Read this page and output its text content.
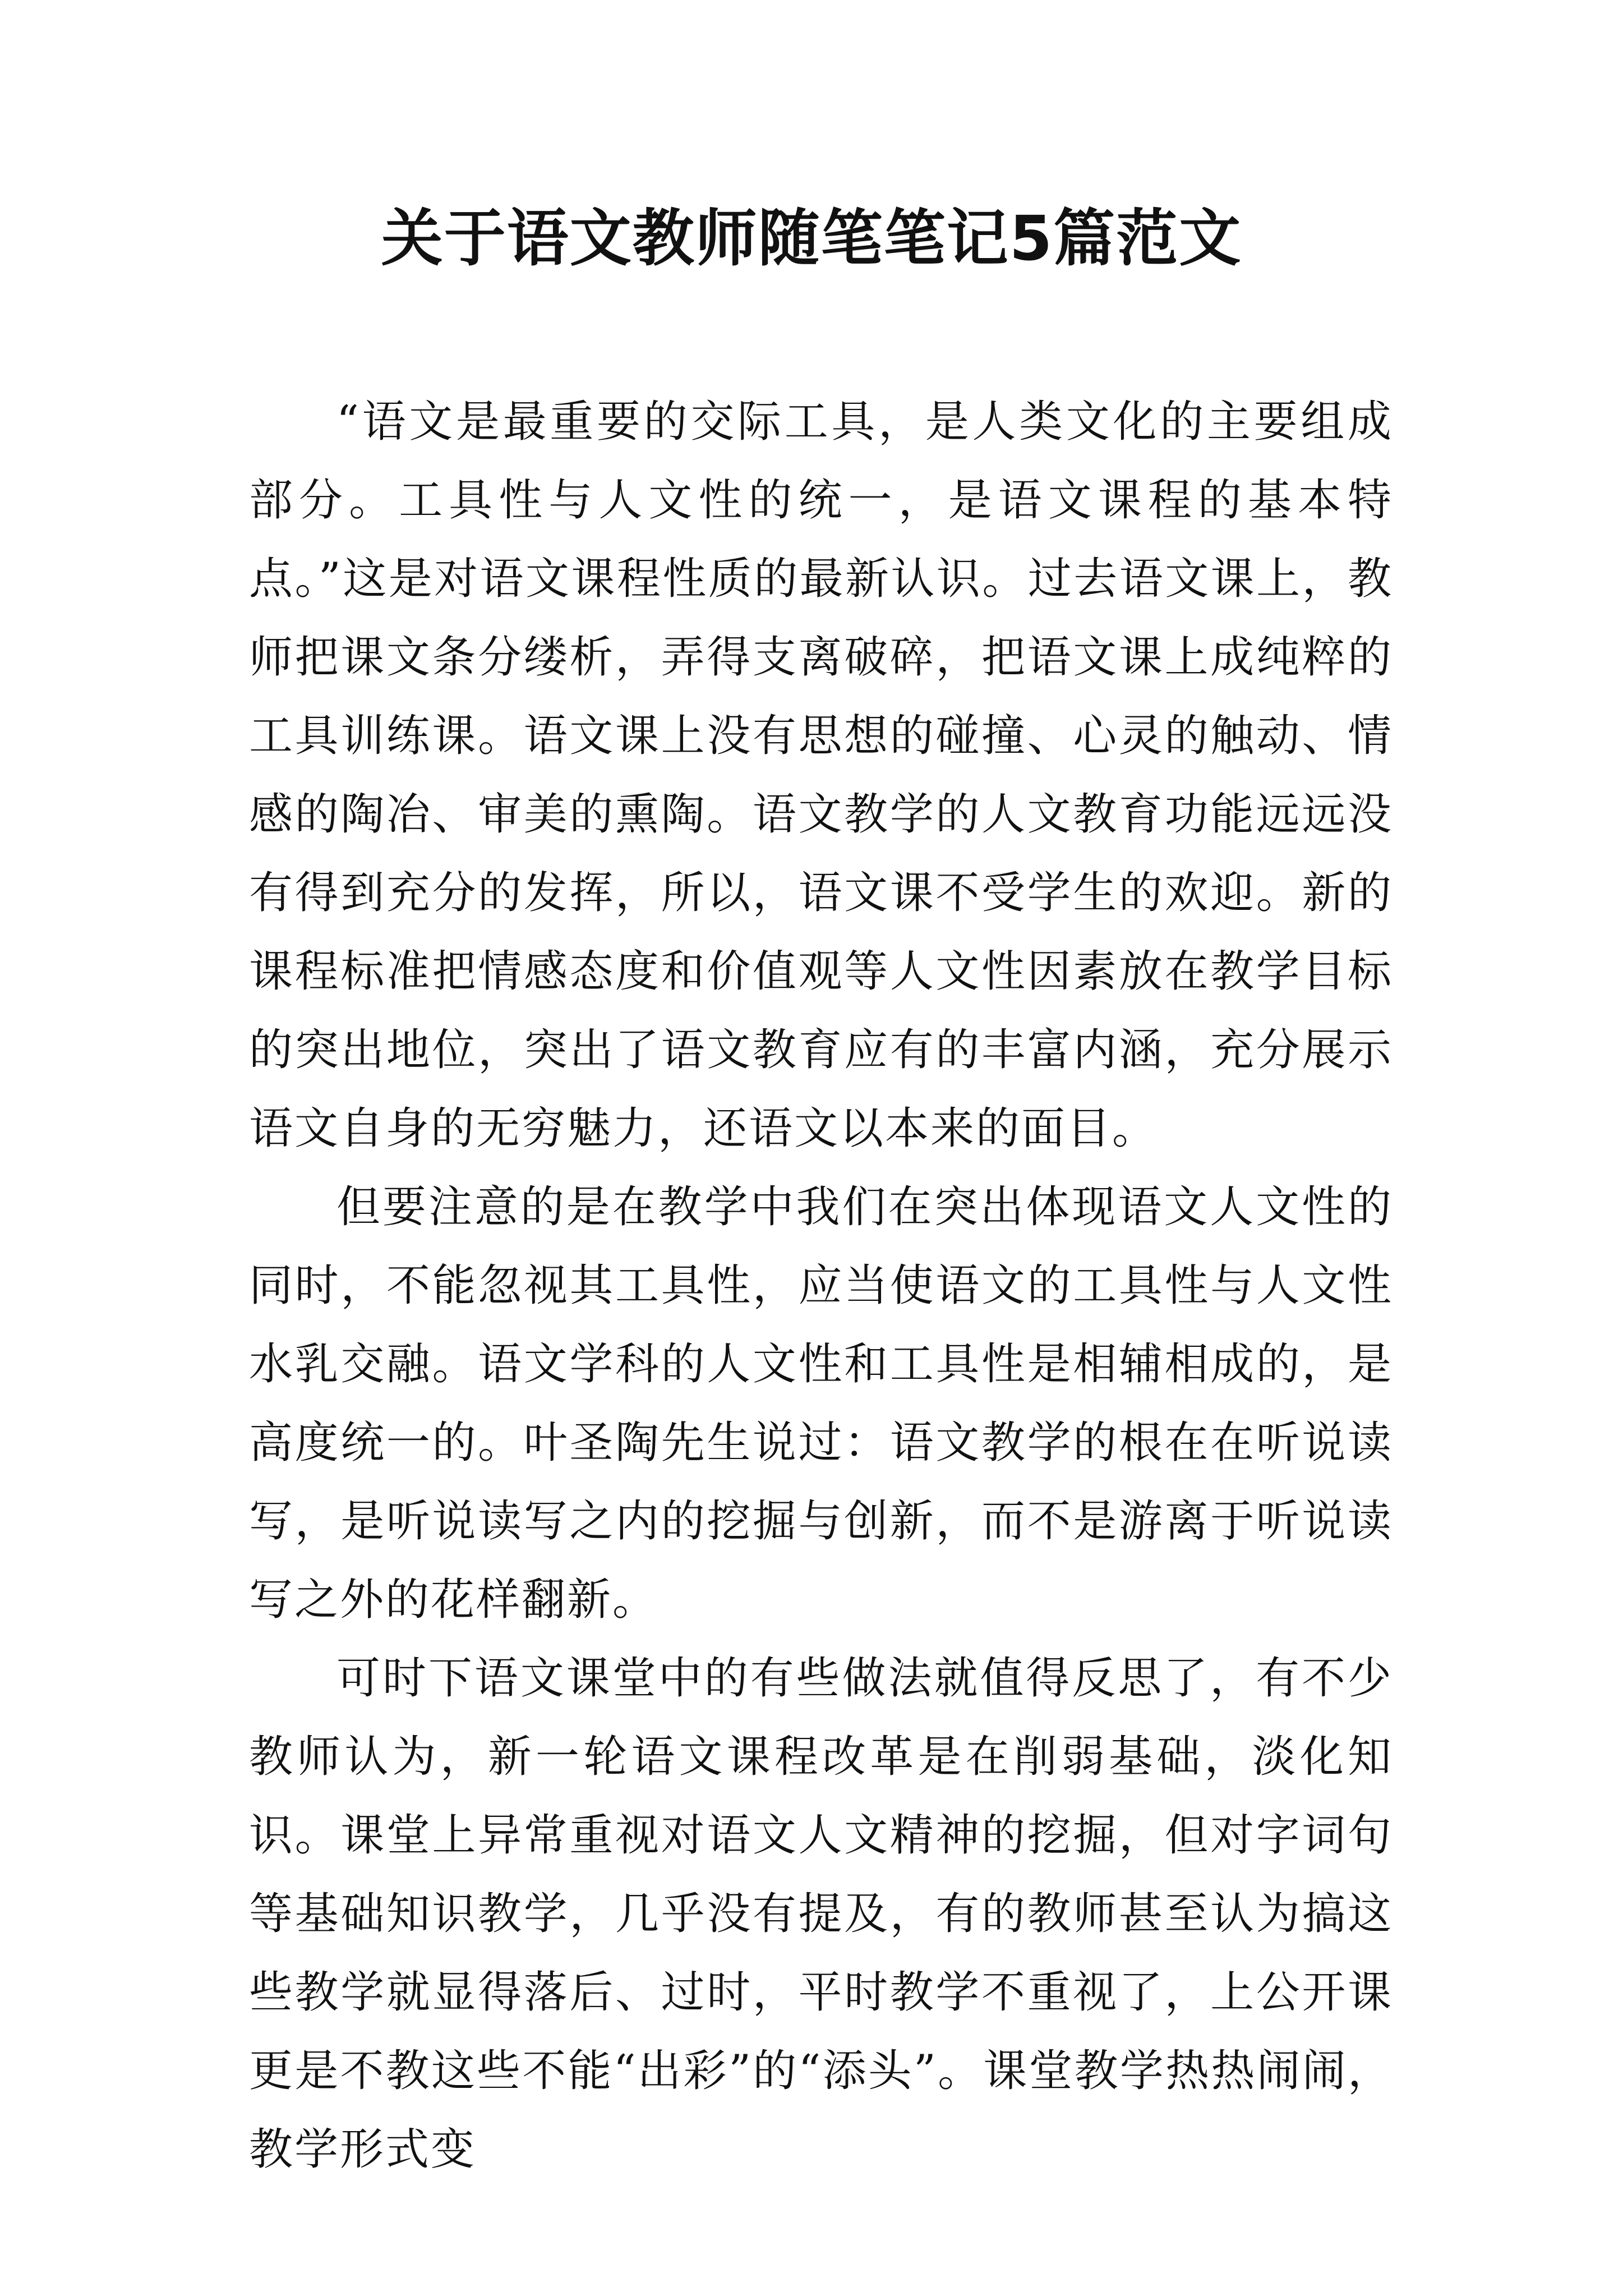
关于语文教师随笔笔记5篇范文

“语文是最重要的交际工具，是人类文化的主要组成部分。工具性与人文性的统一，是语文课程的基本特点。”这是对语文课程性质的最新认识。过去语文课上，教师把课文条分缕析，弄得支离破碎，把语文课上成纯粹的工具训练课。语文课上没有思想的碰撞、心灵的触动、情感的陶冶、审美的熏陶。语文教学的人文教育功能远远没有得到充分的发挥，所以，语文课不受学生的欢迎。新的课程标准把情感态度和价值观等人文性因素放在教学目标的突出地位，突出了语文教育应有的丰富内涵，充分展示语文自身的无穷魅力，还语文以本来的面目。

但要注意的是在教学中我们在突出体现语文人文性的同时，不能忽视其工具性，应当使语文的工具性与人文性水乳交融。语文学科的人文性和工具性是相辅相成的，是高度统一的。叶圣陶先生说过：语文教学的根在在听说读写，是听说读写之内的挖掘与创新，而不是游离于听说读写之外的花样翻新。

可时下语文课堂中的有些做法就值得反思了，有不少教师认为，新一轮语文课程改革是在削弱基础，淡化知识。课堂上异常重视对语文人文精神的挖掘，但对字词句等基础知识教学，几乎没有提及，有的教师甚至认为搞这些教学就显得落后、过时，平时教学不重视了，上公开课更是不教这些不能“出彩”的“添头”。课堂教学热热闹闹，教学形式变
